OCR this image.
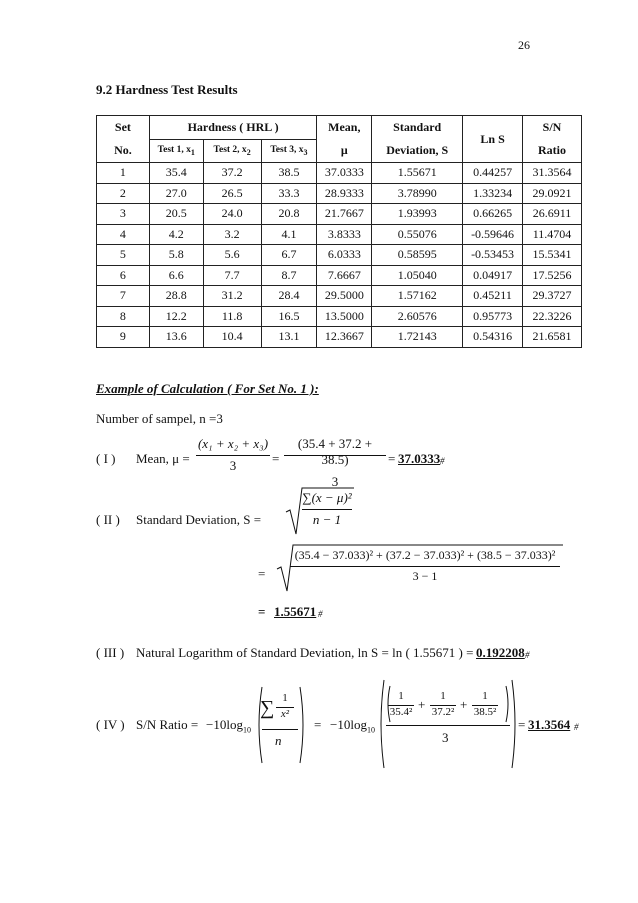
26
9.2 Hardness Test Results
Set	Hardness ( HRL )			Mean,	Standard	Ln S	S/N
No.	Test 1, $x_1$	Test 2, $x_2$	Test 3, $x_3$	μ	Deviation, S		Ratio
1	35.4	37.2	38.5	37.0333	1.55671	0.44257	31.3564
2	27.0	26.5	33.3	28.9333	3.78990	1.33234	29.0921
3	20.5	24.0	20.8	21.7667	1.93993	0.66265	26.6911
4	4.2	3.2	4.1	3.8333	0.55076	-0.59646	11.4704
5	5.8	5.6	6.7	6.0333	0.58595	-0.53453	15.5341
6	6.6	7.7	8.7	7.6667	1.05040	0.04917	17.5256
7	28.8	31.2	28.4	29.5000	1.57162	0.45211	29.3727
8	12.2	11.8	16.5	13.5000	2.60576	0.95773	22.3226
9	13.6	10.4	13.1	12.3667	1.72143	0.54316	21.6581
Example of Calculation ( For Set No. 1 ):
Number of sampel, n =3
( I ) Mean, μ =
(x₁ + x₂ + x₃)
3	=
(35.4 + 37.2 + 38.5)
3
= 37.0333 #
( II ) Standard Deviation, S =
∑(x − μ)²
n − 1
=
(35.4 − 37.033)² + (37.2 − 37.033)² + (38.5 − 37.033)²
3 − 1
= 1.55671 #
( III ) Natural Logarithm of Standard Deviation, ln S = ln ( 1.55671 ) = 0.192208 #
( IV ) S/N Ratio = $-10\log_{10}$
∑ 1
x²
n
= $-10\log_{10}$
1
35.4² +
1
37.2² +
1
38.5²
3
= 31.3564 #
